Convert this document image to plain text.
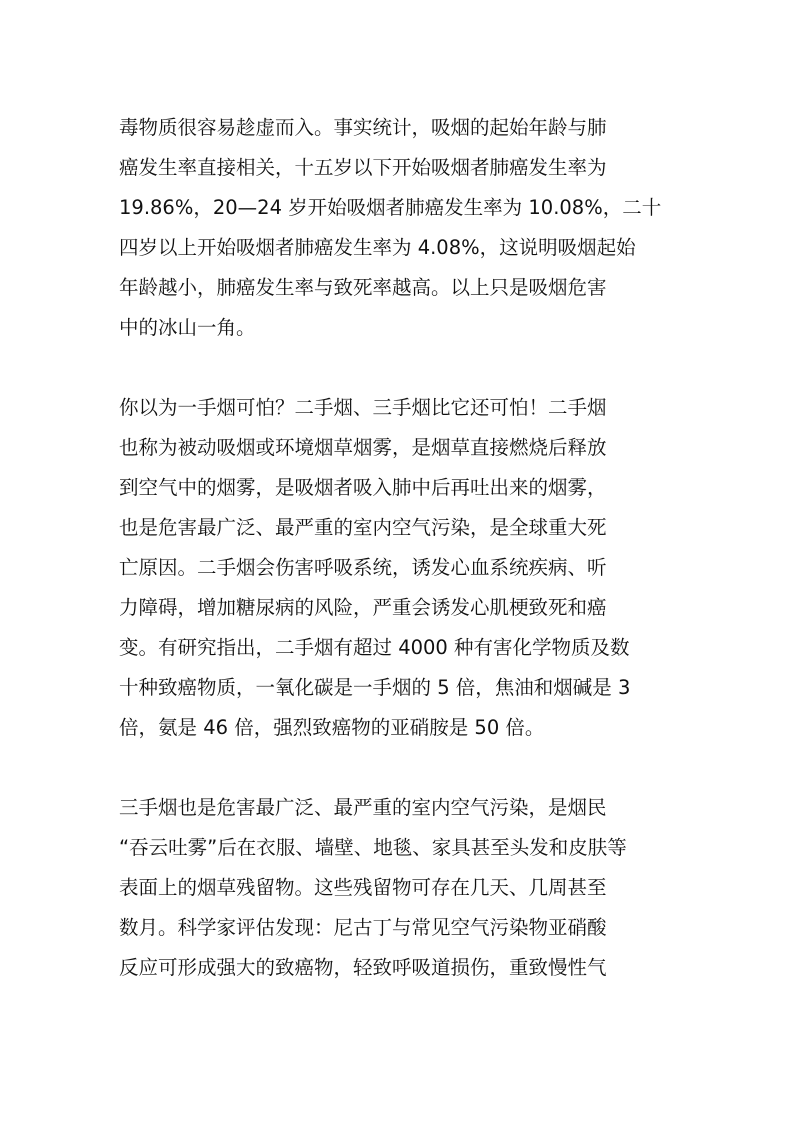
毒物质很容易趁虚而入。事实统计，吸烟的起始年龄与肺
癌发生率直接相关，十五岁以下开始吸烟者肺癌发生率为
19.86%，20—24 岁开始吸烟者肺癌发生率为 10.08%，二十
四岁以上开始吸烟者肺癌发生率为 4.08%，这说明吸烟起始
年龄越小，肺癌发生率与致死率越高。以上只是吸烟危害
中的冰山一角。
你以为一手烟可怕？二手烟、三手烟比它还可怕！二手烟
也称为被动吸烟或环境烟草烟雾，是烟草直接燃烧后释放
到空气中的烟雾，是吸烟者吸入肺中后再吐出来的烟雾，
也是危害最广泛、最严重的室内空气污染，是全球重大死
亡原因。二手烟会伤害呼吸系统，诱发心血系统疾病、听
力障碍，增加糖尿病的风险，严重会诱发心肌梗致死和癌
变。有研究指出，二手烟有超过 4000 种有害化学物质及数
十种致癌物质，一氧化碳是一手烟的 5 倍，焦油和烟碱是 3
倍，氨是 46 倍，强烈致癌物的亚硝胺是 50 倍。
三手烟也是危害最广泛、最严重的室内空气污染，是烟民
“吞云吐雾”后在衣服、墙壁、地毯、家具甚至头发和皮肤等
表面上的烟草残留物。这些残留物可存在几天、几周甚至
数月。科学家评估发现：尼古丁与常见空气污染物亚硝酸
反应可形成强大的致癌物，轻致呼吸道损伤，重致慢性气
